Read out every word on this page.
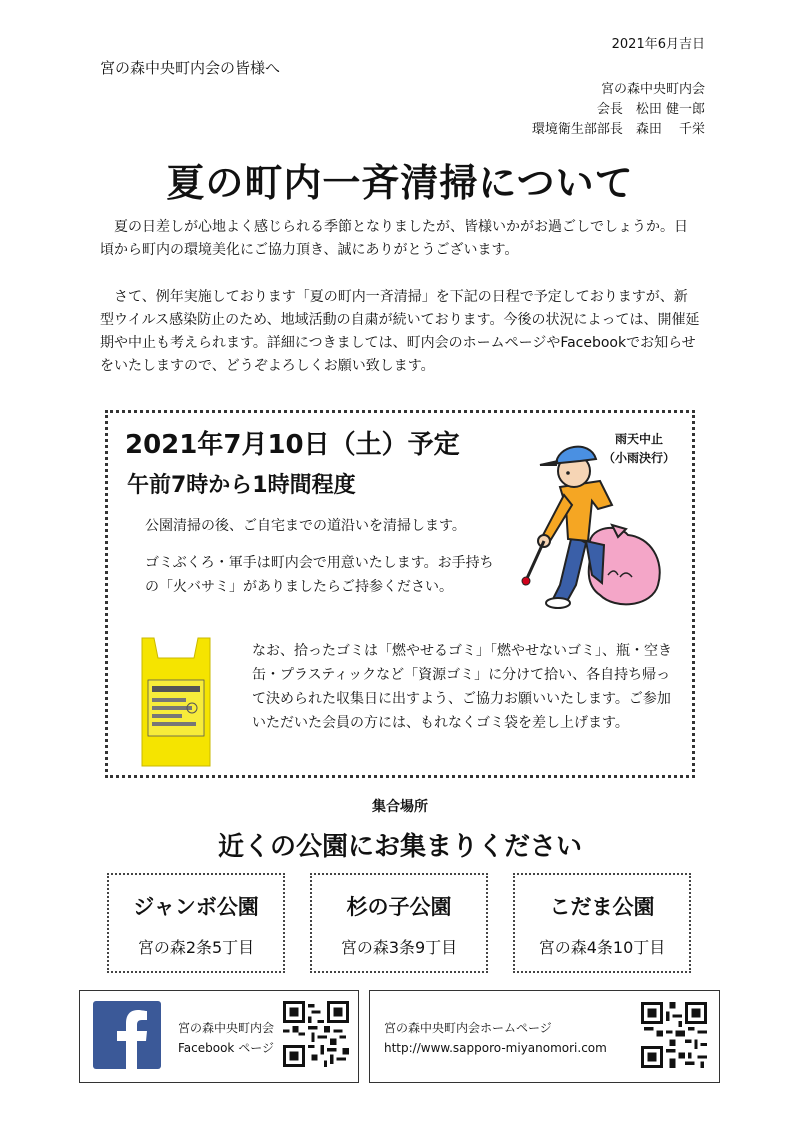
2021年6月吉日
宮の森中央町内会の皆様へ
宮の森中央町内会
会長　松田 健一郎
環境衛生部部長　森田　 千栄
夏の町内一斉清掃について

夏の日差しが心地よく感じられる季節となりましたが、皆様いかがお過ごしでしょうか。日頃から町内の環境美化にご協力頂き、誠にありがとうございます。

さて、例年実施しております「夏の町内一斉清掃」を下記の日程で予定しておりますが、新型ウイルス感染防止のため、地域活動の自粛が続いております。今後の状況によっては、開催延期や中止も考えられます。詳細につきましては、町内会のホームページやFacebookでお知らせをいたしますので、どうぞよろしくお願い致します。

2021年7月10日（土）予定
午前7時から1時間程度
雨天中止
（小雨決行）
公園清掃の後、ご自宅までの道沿いを清掃します。
ゴミぶくろ・軍手は町内会で用意いたします。お手持ちの「火バサミ」がありましたらご持参ください。
なお、拾ったゴミは「燃やせるゴミ」「燃やせないゴミ」、瓶・空き缶・プラスティックなど「資源ゴミ」に分けて拾い、各自持ち帰って決められた収集日に出すよう、ご協力お願いいたします。ご参加いただいた会員の方には、もれなくゴミ袋を差し上げます。
集合場所
近くの公園にお集まりください
ジャンボ公園
宮の森2条5丁目
杉の子公園
宮の森3条9丁目
こだま公園
宮の森4条10丁目
宮の森中央町内会
Facebook ページ
宮の森中央町内会ホームページ
http://www.sapporo-miyanomori.com
